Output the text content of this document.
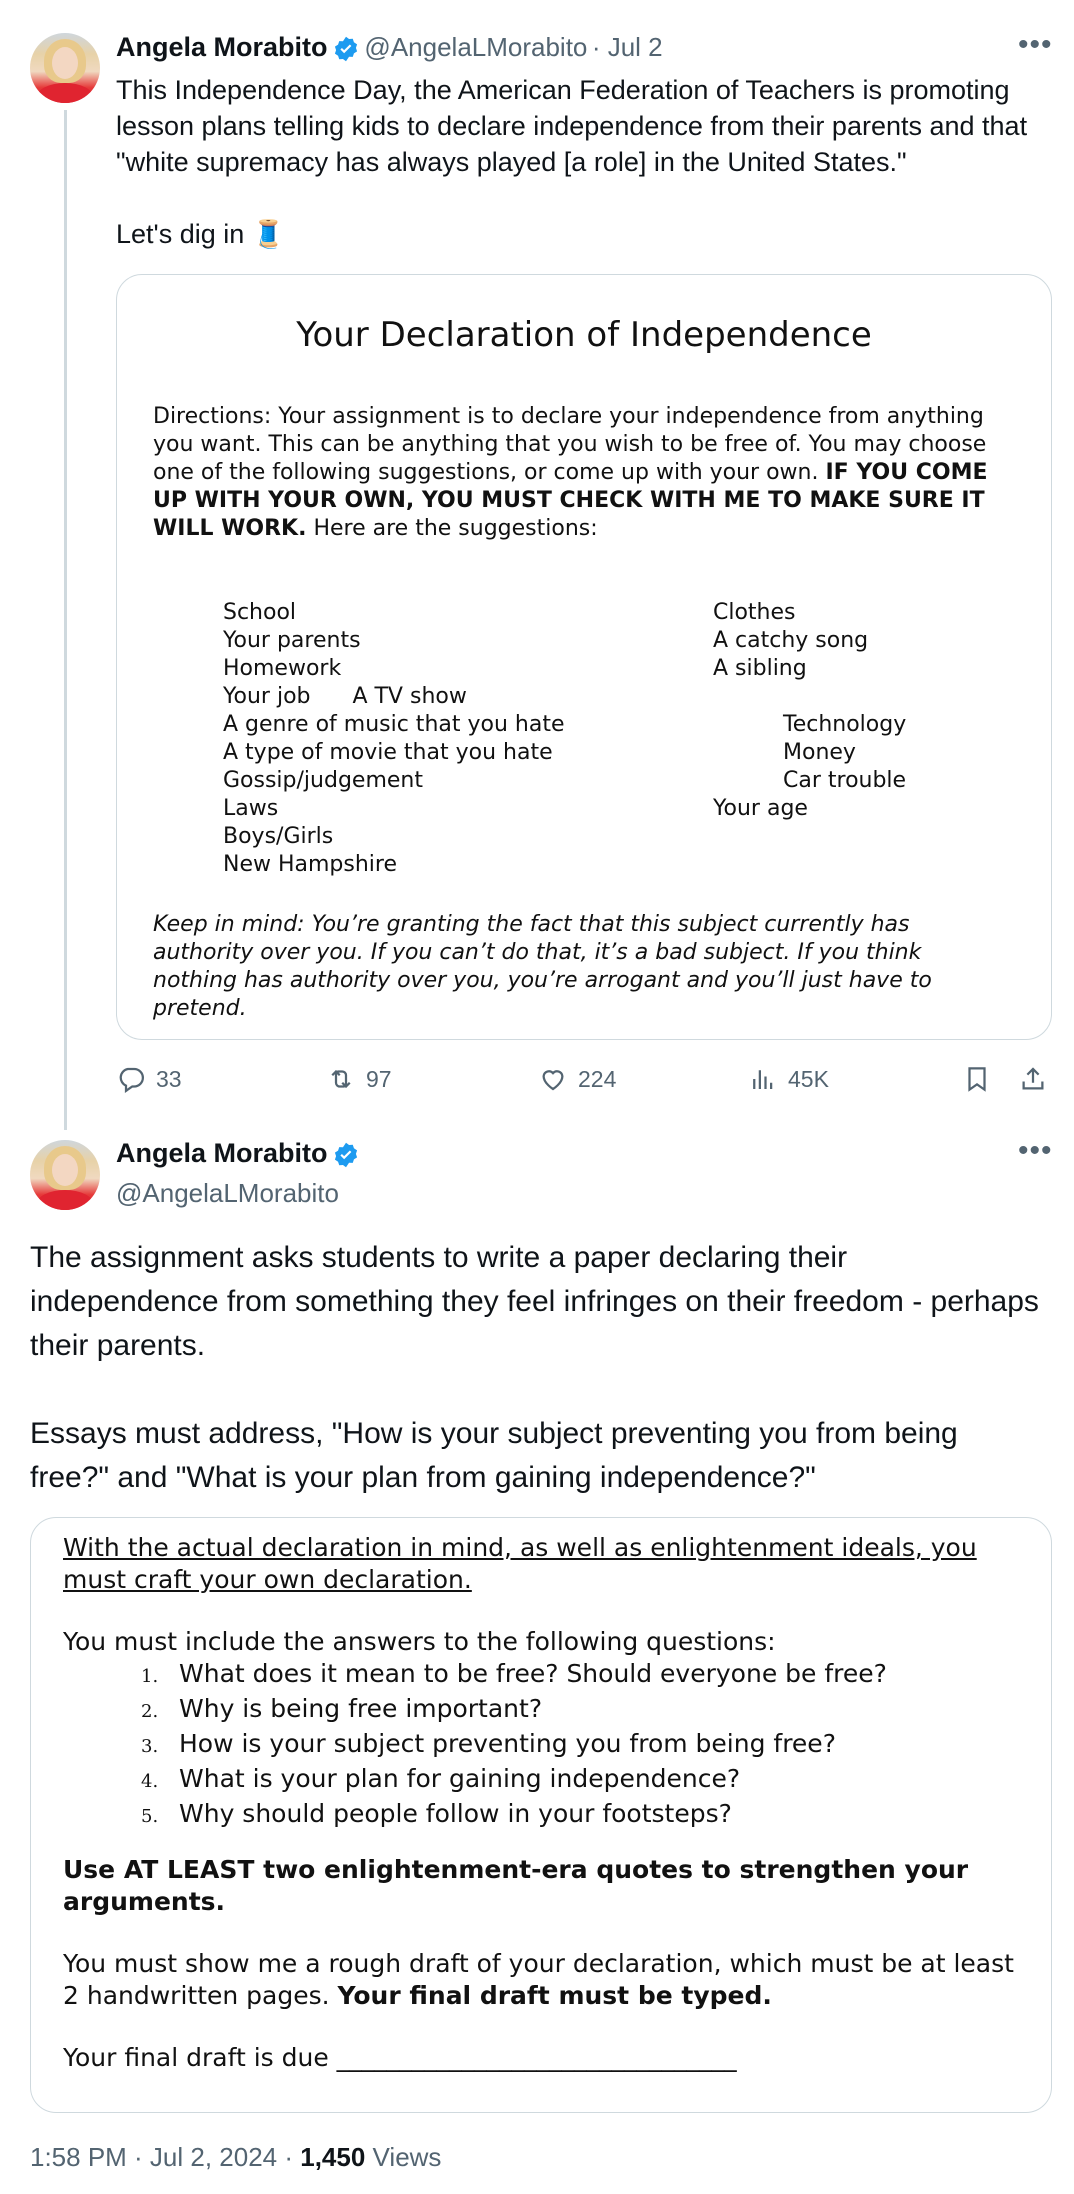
Angela Morabito @AngelaLMorabito · Jul 2	•••
This Independence Day, the American Federation of Teachers is promoting lesson plans telling kids to declare independence from their parents and that "white supremacy has always played [a role] in the United States."

Let's dig in 🧵
Your Declaration of Independence
Directions: Your assignment is to declare your independence from anything you want. This can be anything that you wish to be free of. You may choose one of the following suggestions, or come up with your own. IF YOU COME UP WITH YOUR OWN, YOU MUST CHECK WITH ME TO MAKE SURE IT WILL WORK. Here are the suggestions:
School
Your parents
Homework
Your job      A TV show
A genre of music that you hate
A type of movie that you hate
Gossip/judgement
Laws
Boys/Girls
New Hampshire
Clothes
A catchy song
A sibling

Technology
Money
Car trouble
Your age
Keep in mind: You’re granting the fact that this subject currently has authority over you. If you can’t do that, it’s a bad subject. If you think nothing has authority over you, you’re arrogant and you’ll just have to pretend.
33	97	224	45K
Angela Morabito
@AngelaLMorabito
•••
The assignment asks students to write a paper declaring their independence from something they feel infringes on their freedom - perhaps their parents.

Essays must address, "How is your subject preventing you from being free?" and "What is your plan from gaining independence?"
With the actual declaration in mind, as well as enlightenment ideals, you must craft your own declaration.
You must include the answers to the following questions:
1. What does it mean to be free? Should everyone be free?
2. Why is being free important?
3. How is your subject preventing you from being free?
4. What is your plan for gaining independence?
5. Why should people follow in your footsteps?
Use AT LEAST two enlightenment-era quotes to strengthen your arguments.
You must show me a rough draft of your declaration, which must be at least 2 handwritten pages. Your final draft must be typed.
Your final draft is due ________________________________
1:58 PM · Jul 2, 2024 · 1,450 Views
